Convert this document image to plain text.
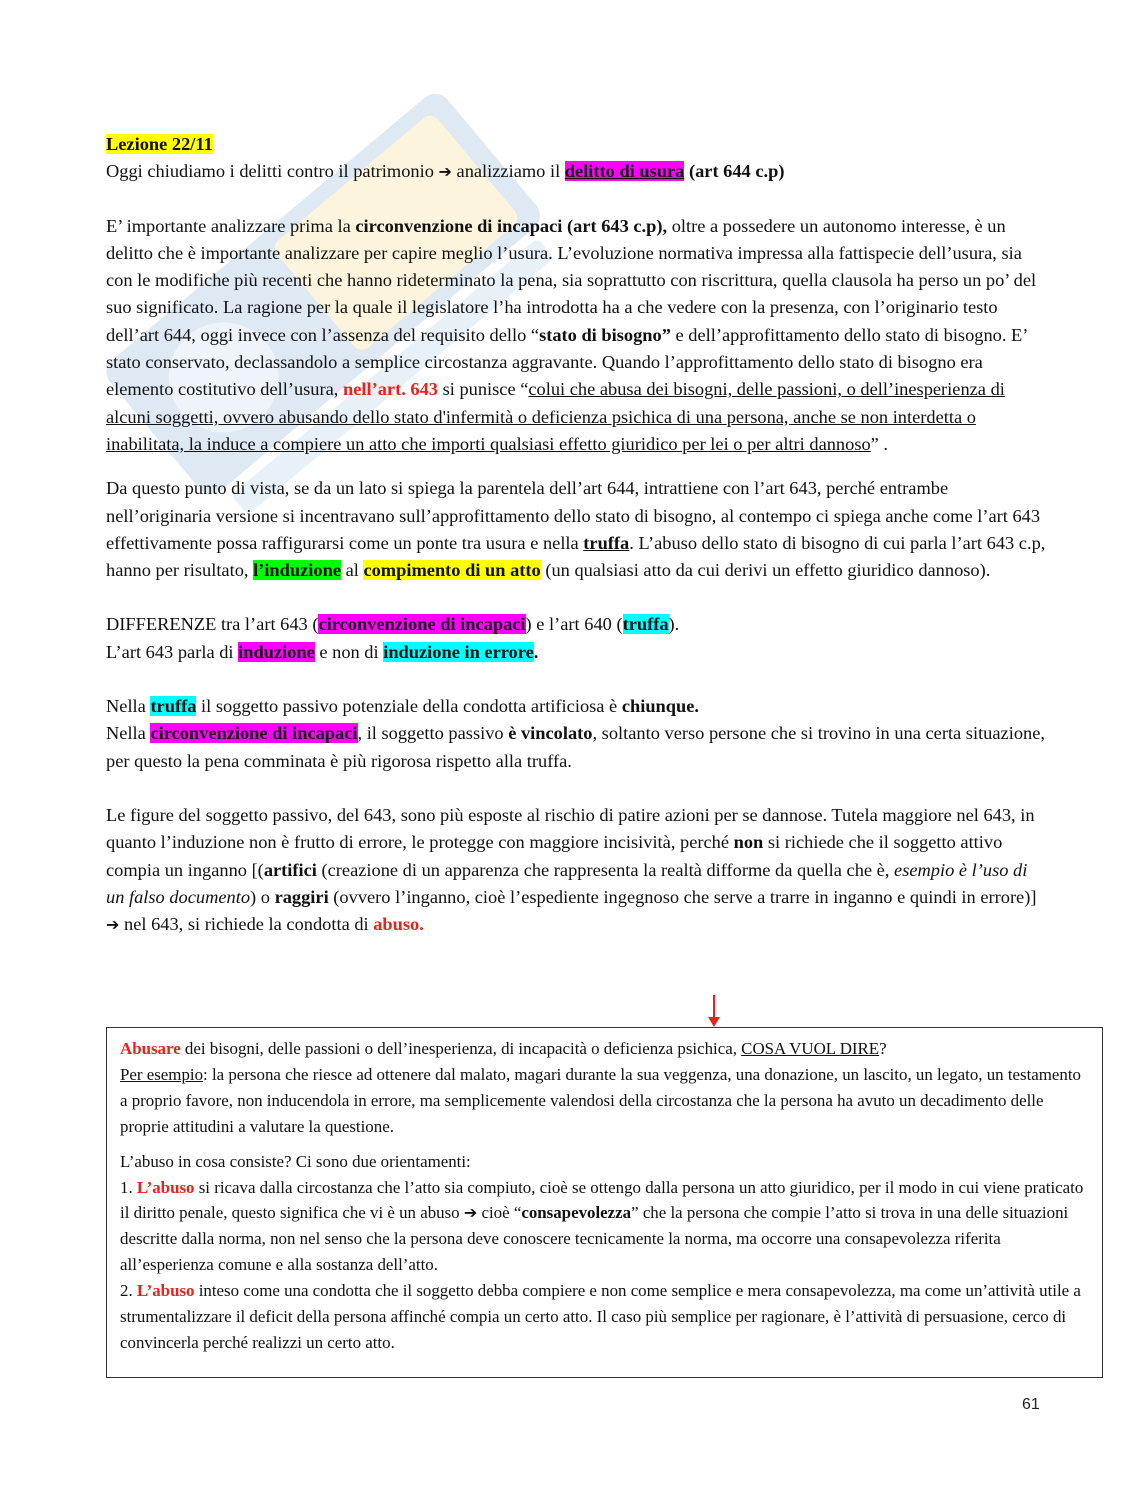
Lezione 22/11

Oggi chiudiamo i delitti contro il patrimonio ➔ analizziamo il delitto di usura (art 644 c.p)

E’ importante analizzare prima la circonvenzione di incapaci (art 643 c.p), oltre a possedere un autonomo interesse, è un delitto che è importante analizzare per capire meglio l’usura. L’evoluzione normativa impressa alla fattispecie dell’usura, sia con le modifiche più recenti che hanno rideterminato la pena, sia soprattutto con riscrittura, quella clausola ha perso un po’ del suo significato. La ragione per la quale il legislatore l’ha introdotta ha a che vedere con la presenza, con l’originario testo dell’art 644, oggi invece con l’assenza del requisito dello “stato di bisogno” e dell’approfittamento dello stato di bisogno. E’ stato conservato, declassandolo a semplice circostanza aggravante. Quando l’approfittamento dello stato di bisogno era elemento costitutivo dell’usura, nell’art. 643 si punisce “colui che abusa dei bisogni, delle passioni, o dell’inesperienza di alcuni soggetti, ovvero abusando dello stato d'infermità o deficienza psichica di una persona, anche se non interdetta o inabilitata, la induce a compiere un atto che importi qualsiasi effetto giuridico per lei o per altri dannoso” .

Da questo punto di vista, se da un lato si spiega la parentela dell’art 644, intrattiene con l’art 643, perché entrambe nell’originaria versione si incentravano sull’approfittamento dello stato di bisogno, al contempo ci spiega anche come l’art 643 effettivamente possa raffigurarsi come un ponte tra usura e nella truffa. L’abuso dello stato di bisogno di cui parla l’art 643 c.p, hanno per risultato, l’induzione al compimento di un atto (un qualsiasi atto da cui derivi un effetto giuridico dannoso).

DIFFERENZE tra l’art 643 (circonvenzione di incapaci) e l’art 640 (truffa).

L’art 643 parla di induzione e non di induzione in errore.

Nella truffa il soggetto passivo potenziale della condotta artificiosa è chiunque.

Nella circonvenzione di incapaci, il soggetto passivo è vincolato, soltanto verso persone che si trovino in una certa situazione, per questo la pena comminata è più rigorosa rispetto alla truffa.

Le figure del soggetto passivo, del 643, sono più esposte al rischio di patire azioni per se dannose. Tutela maggiore nel 643, in quanto l’induzione non è frutto di errore, le protegge con maggiore incisività, perché non si richiede che il soggetto attivo compia un inganno [(artifici (creazione di un apparenza che rappresenta la realtà difforme da quella che è, esempio è l’uso di un falso documento) o raggiri (ovvero l’inganno, cioè l’espediente ingegnoso che serve a trarre in inganno e quindi in errore)] ➔ nel 643, si richiede la condotta di abuso.

Abusare dei bisogni, delle passioni o dell’inesperienza, di incapacità o deficienza psichica, COSA VUOL DIRE?

Per esempio: la persona che riesce ad ottenere dal malato, magari durante la sua veggenza, una donazione, un lascito, un legato, un testamento a proprio favore, non inducendola in errore, ma semplicemente valendosi della circostanza che la persona ha avuto un decadimento delle proprie attitudini a valutare la questione.

L’abuso in cosa consiste? Ci sono due orientamenti:

1. L’abuso si ricava dalla circostanza che l’atto sia compiuto, cioè se ottengo dalla persona un atto giuridico, per il modo in cui viene praticato il diritto penale, questo significa che vi è un abuso ➔ cioè “consapevolezza” che la persona che compie l’atto si trova in una delle situazioni descritte dalla norma, non nel senso che la persona deve conoscere tecnicamente la norma, ma occorre una consapevolezza riferita all’esperienza comune e alla sostanza dell’atto.

2. L’abuso inteso come una condotta che il soggetto debba compiere e non come semplice e mera consapevolezza, ma come un’attività utile a strumentalizzare il deficit della persona affinché compia un certo atto. Il caso più semplice per ragionare, è l’attività di persuasione, cerco di convincerla perché realizzi un certo atto.

61
